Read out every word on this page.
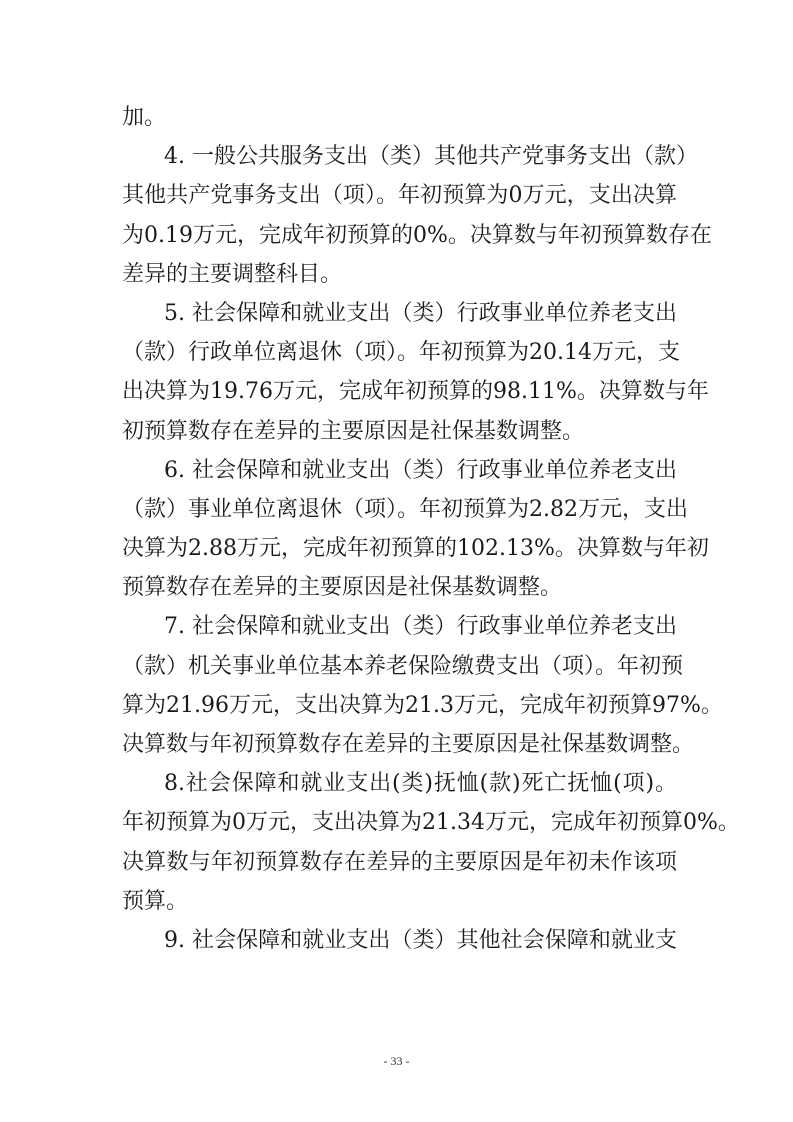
加。
4. 一般公共服务支出（类）其他共产党事务支出（款）
其他共产党事务支出（项）。年初预算为0万元，支出决算
为0.19万元，完成年初预算的0%。决算数与年初预算数存在
差异的主要调整科目。
5. 社会保障和就业支出（类）行政事业单位养老支出
（款）行政单位离退休（项）。年初预算为20.14万元，支
出决算为19.76万元，完成年初预算的98.11%。决算数与年
初预算数存在差异的主要原因是社保基数调整。
6. 社会保障和就业支出（类）行政事业单位养老支出
（款）事业单位离退休（项）。年初预算为2.82万元，支出
决算为2.88万元，完成年初预算的102.13%。决算数与年初
预算数存在差异的主要原因是社保基数调整。
7. 社会保障和就业支出（类）行政事业单位养老支出
（款）机关事业单位基本养老保险缴费支出（项）。年初预
算为21.96万元，支出决算为21.3万元，完成年初预算97%。
决算数与年初预算数存在差异的主要原因是社保基数调整。
8.社会保障和就业支出(类)抚恤(款)死亡抚恤(项)。
年初预算为0万元，支出决算为21.34万元，完成年初预算0%。
决算数与年初预算数存在差异的主要原因是年初未作该项
预算。
9. 社会保障和就业支出（类）其他社会保障和就业支
- 33 -
